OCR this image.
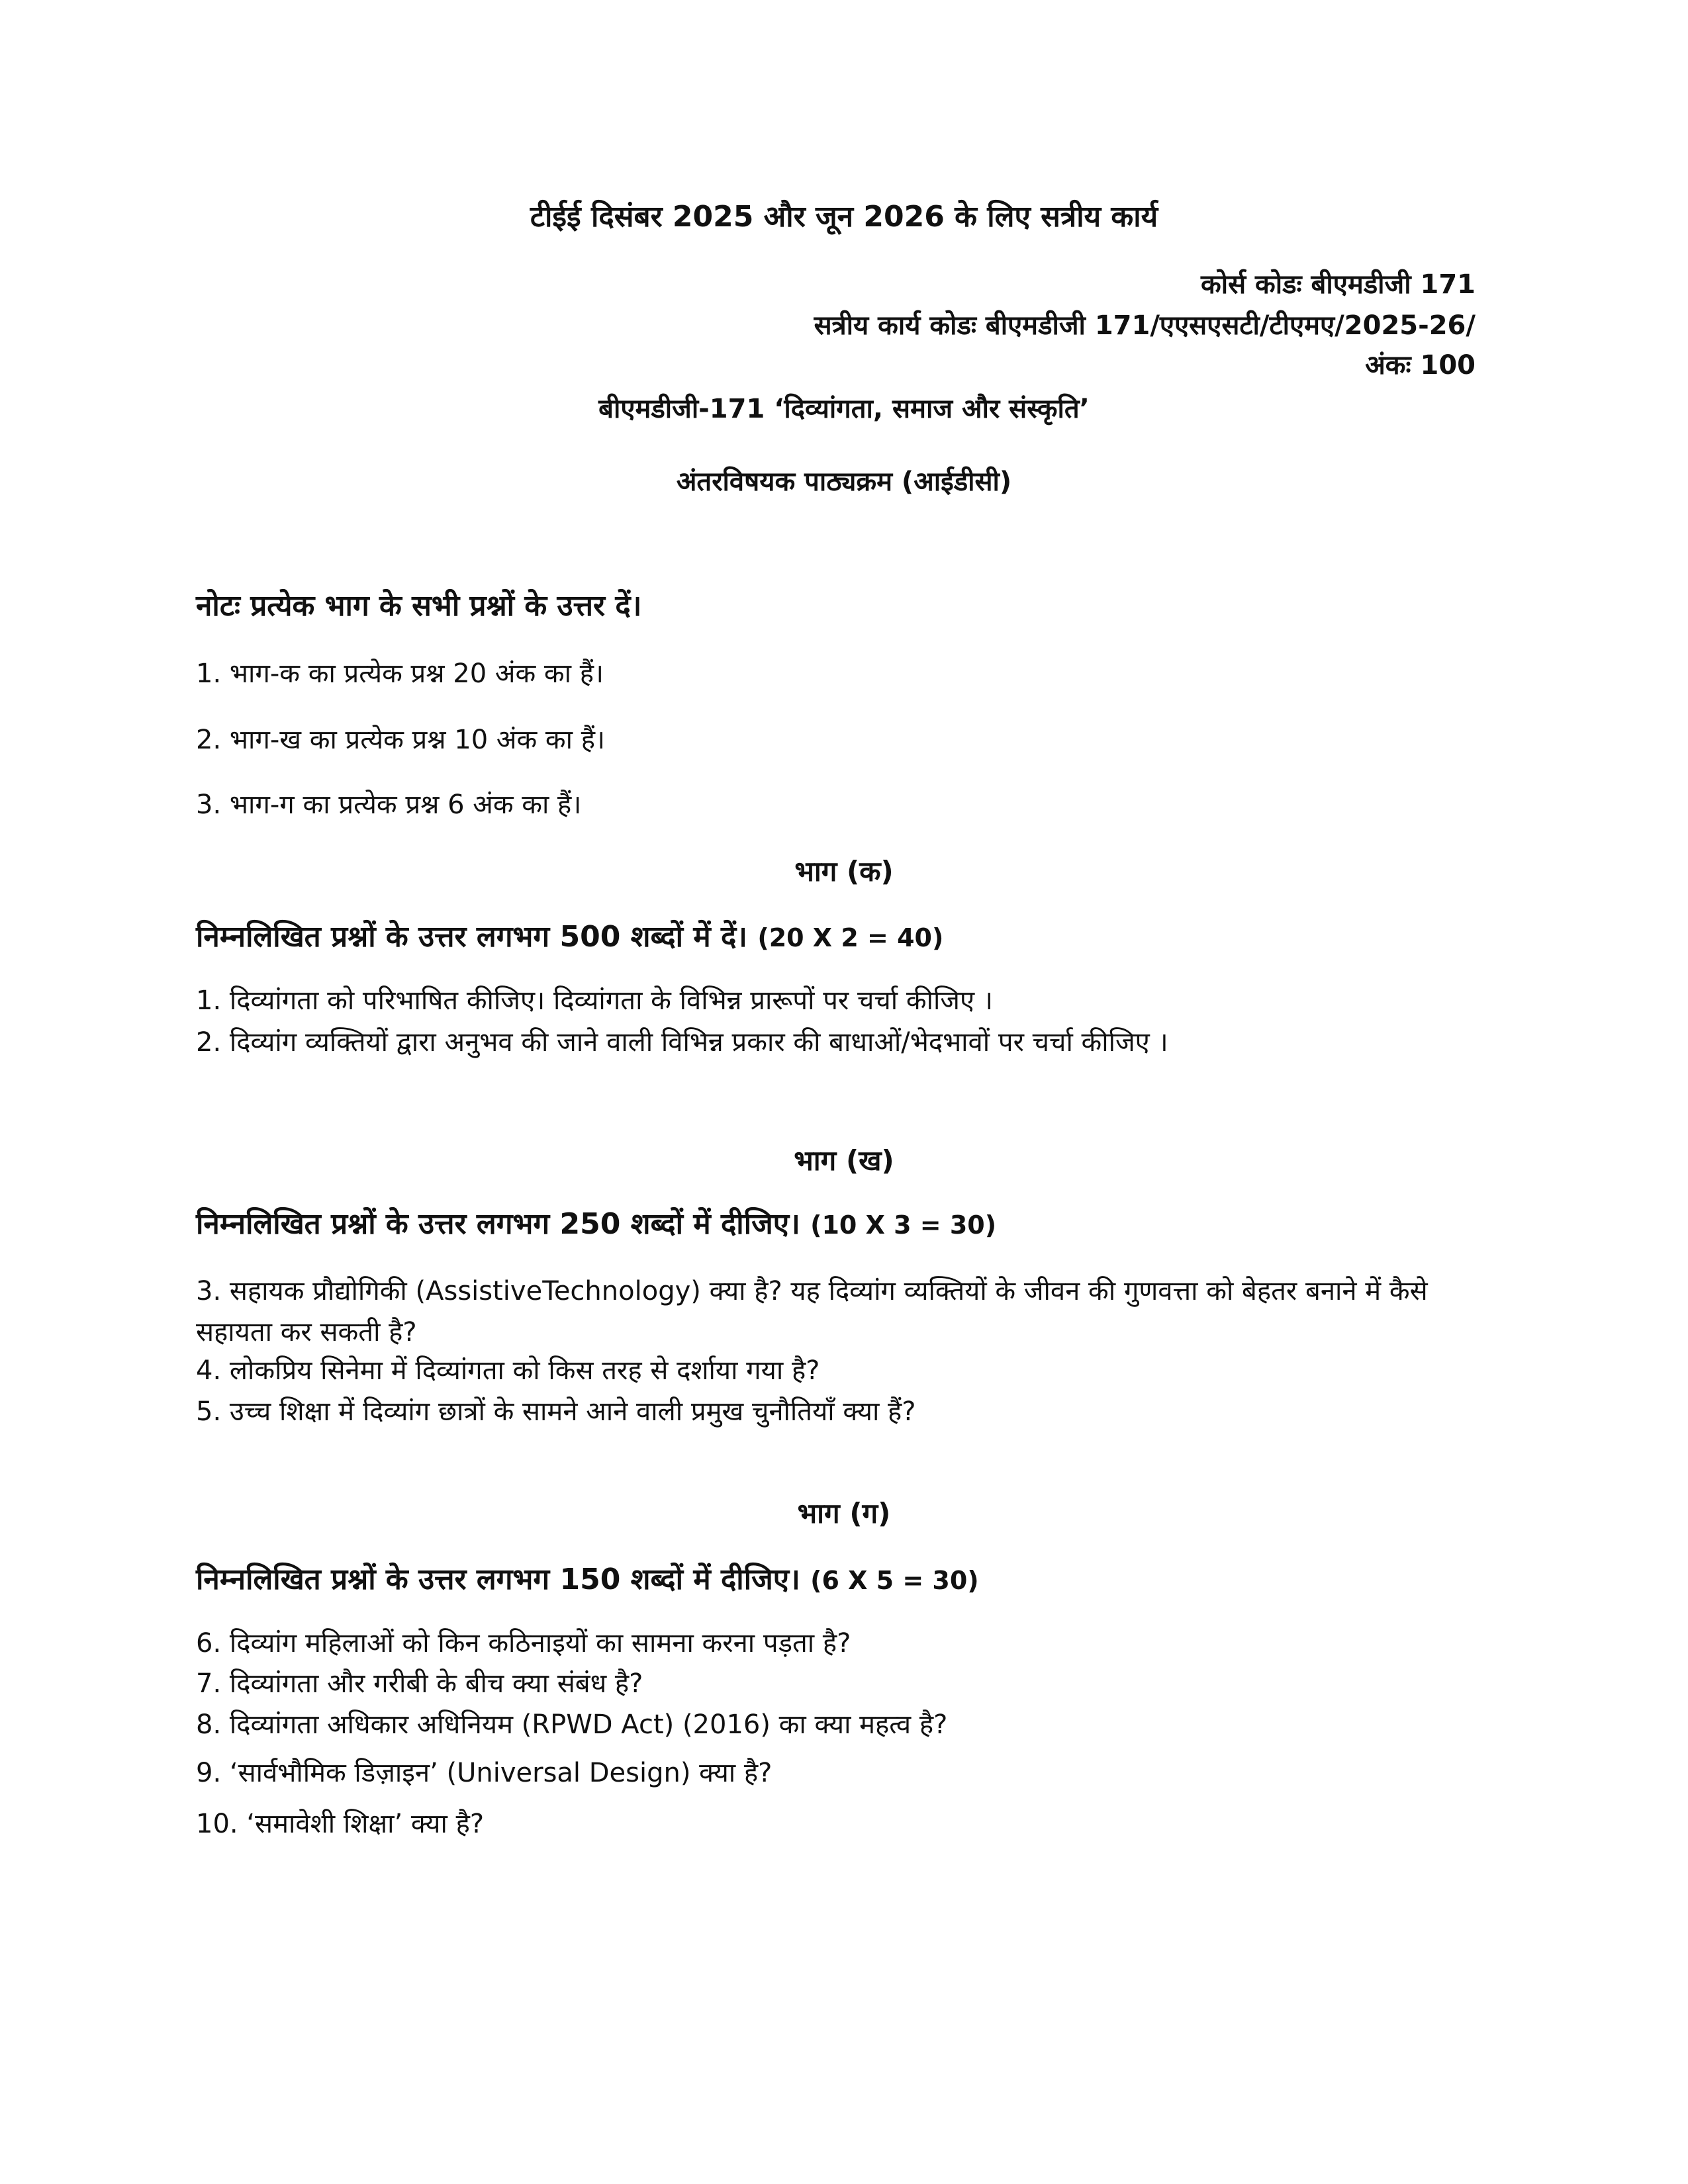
टीईई दिसंबर 2025 और जून 2026 के लिए सत्रीय कार्य
कोर्स कोडः बीएमडीजी 171
सत्रीय कार्य कोडः बीएमडीजी 171/एएसएसटी/टीएमए/2025-26/
अंकः 100
बीएमडीजी-171 ‘दिव्यांगता, समाज और संस्कृति’
अंतरविषयक पाठ्यक्रम (आईडीसी)
नोटः प्रत्येक भाग के सभी प्रश्नों के उत्तर दें।
1. भाग-क का प्रत्येक प्रश्न 20 अंक का हैं।
2. भाग-ख का प्रत्येक प्रश्न 10 अंक का हैं।
3. भाग-ग का प्रत्येक प्रश्न 6 अंक का हैं।
भाग (क)
निम्नलिखित प्रश्नों के उत्तर लगभग 500 शब्दों में दें। (20 X 2 = 40)
1. दिव्यांगता को परिभाषित कीजिए। दिव्यांगता के विभिन्न प्रारूपों पर चर्चा कीजिए ।
2. दिव्यांग व्यक्तियों द्वारा अनुभव की जाने वाली विभिन्न प्रकार की बाधाओं/भेदभावों पर चर्चा कीजिए ।
भाग (ख)
निम्नलिखित प्रश्नों के उत्तर लगभग 250 शब्दों में दीजिए। (10 X 3 = 30)
3. सहायक प्रौद्योगिकी (AssistiveTechnology) क्या है? यह दिव्यांग व्यक्तियों के जीवन की गुणवत्ता को बेहतर बनाने में कैसे सहायता कर सकती है?
4. लोकप्रिय सिनेमा में दिव्यांगता को किस तरह से दर्शाया गया है?
5. उच्च शिक्षा में दिव्यांग छात्रों के सामने आने वाली प्रमुख चुनौतियाँ क्या हैं?
भाग (ग)
निम्नलिखित प्रश्नों के उत्तर लगभग 150 शब्दों में दीजिए। (6 X 5 = 30)
6. दिव्यांग महिलाओं को किन कठिनाइयों का सामना करना पड़ता है?
7. दिव्यांगता और गरीबी के बीच क्या संबंध है?
8. दिव्यांगता अधिकार अधिनियम (RPWD Act) (2016) का क्या महत्व है?
9. ‘सार्वभौमिक डिज़ाइन’ (Universal Design) क्या है?
10. ‘समावेशी शिक्षा’ क्या है?
